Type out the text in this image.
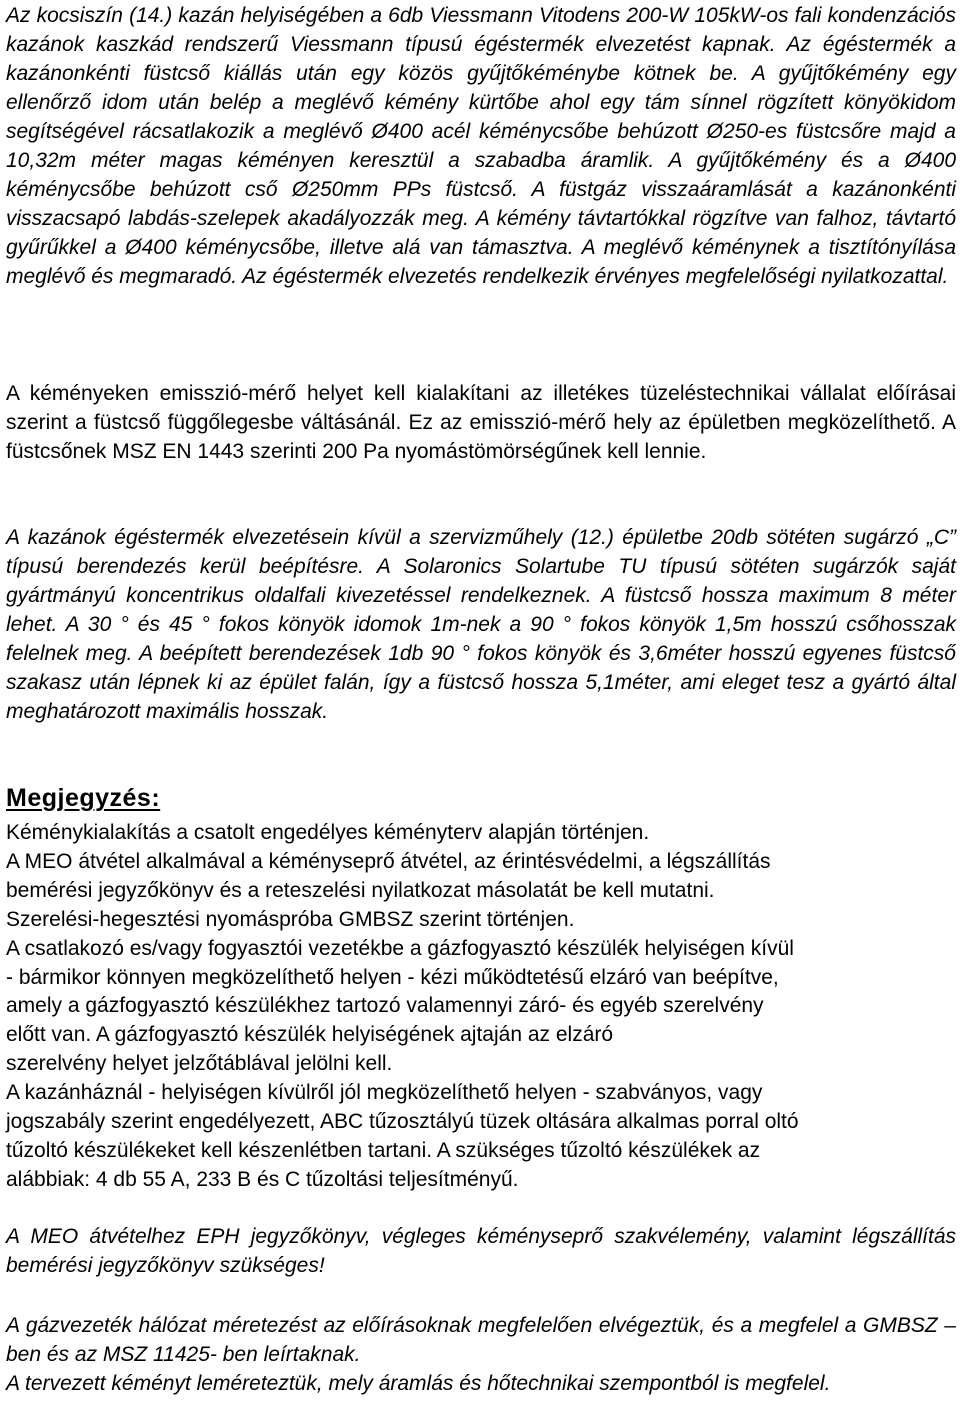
Az kocsiszín (14.) kazán helyiségében a 6db Viessmann Vitodens 200-W 105kW-os fali kondenzációs kazánok kaszkád rendszerű Viessmann típusú égéstermék elvezetést kapnak. Az égéstermék a kazánonkénti füstcső kiállás után egy közös gyűjtőkéménybe kötnek be. A gyűjtőkémény egy ellenőrző idom után belép a meglévő kémény kürtőbe ahol egy tám sínnel rögzített könyökidom segítségével rácsatlakozik a meglévő Ø400 acél kéménycsőbe behúzott Ø250-es füstcsőre majd a 10,32m méter magas kéményen keresztül a szabadba áramlik. A gyűjtőkémény és a Ø400 kéménycsőbe behúzott cső Ø250mm PPs füstcső. A füstgáz visszaáramlását a kazánonkénti visszacsapó labdás-szelepek akadályozzák meg. A kémény távtartókkal rögzítve van falhoz, távtartó gyűrűkkel a Ø400 kéménycsőbe, illetve alá van támasztva. A meglévő kéménynek a tisztítónyílása meglévő és megmaradó. Az égéstermék elvezetés rendelkezik érvényes megfelelőségi nyilatkozattal.

A kéményeken emisszió-mérő helyet kell kialakítani az illetékes tüzeléstechnikai vállalat előírásai szerint a füstcső függőlegesbe váltásánál. Ez az emisszió-mérő hely az épületben megközelíthető. A füstcsőnek MSZ EN 1443 szerinti 200 Pa nyomástömörségűnek kell lennie.

A kazánok égéstermék elvezetésein kívül a szervizműhely (12.) épületbe 20db sötéten sugárzó „C” típusú berendezés kerül beépítésre. A Solaronics Solartube TU típusú sötéten sugárzók saját gyártmányú koncentrikus oldalfali kivezetéssel rendelkeznek. A füstcső hossza maximum 8 méter lehet. A 30 ° és 45 ° fokos könyök idomok 1m-nek a 90 ° fokos könyök 1,5m hosszú csőhosszak felelnek meg. A beépített berendezések 1db 90 ° fokos könyök és 3,6méter hosszú egyenes füstcső szakasz után lépnek ki az épület falán, így a füstcső hossza 5,1méter, ami eleget tesz a gyártó által meghatározott maximális hosszak.

Megjegyzés:

Kéménykialakítás a csatolt engedélyes kéményterv alapján történjen.

A MEO átvétel alkalmával a kéményseprő átvétel, az érintésvédelmi, a légszállítás

bemérési jegyzőkönyv és a reteszelési nyilatkozat másolatát be kell mutatni.

Szerelési-hegesztési nyomáspróba GMBSZ szerint történjen.

A csatlakozó es/vagy fogyasztói vezetékbe a gázfogyasztó készülék helyiségen kívül

- bármikor könnyen megközelíthető helyen - kézi működtetésű elzáró van beépítve,

amely a gázfogyasztó készülékhez tartozó valamennyi záró- és egyéb szerelvény

előtt van. A gázfogyasztó készülék helyiségének ajtaján az elzáró

szerelvény helyet jelzőtáblával jelölni kell.

A kazánháznál - helyiségen kívülről jól megközelíthető helyen - szabványos, vagy

jogszabály szerint engedélyezett, ABC tűzosztályú tüzek oltására alkalmas porral oltó

tűzoltó készülékeket kell készenlétben tartani. A szükséges tűzoltó készülékek az

alábbiak: 4 db 55 A, 233 B és C tűzoltási teljesítményű.

A MEO átvételhez EPH jegyzőkönyv, végleges kéményseprő szakvélemény, valamint légszállítás bemérési jegyzőkönyv szükséges!

A gázvezeték hálózat méretezést az előírásoknak megfelelően elvégeztük, és a megfelel a GMBSZ – ben és az MSZ 11425- ben leírtaknak.

A tervezett kéményt leméreteztük, mely áramlás és hőtechnikai szempontból is megfelel.
